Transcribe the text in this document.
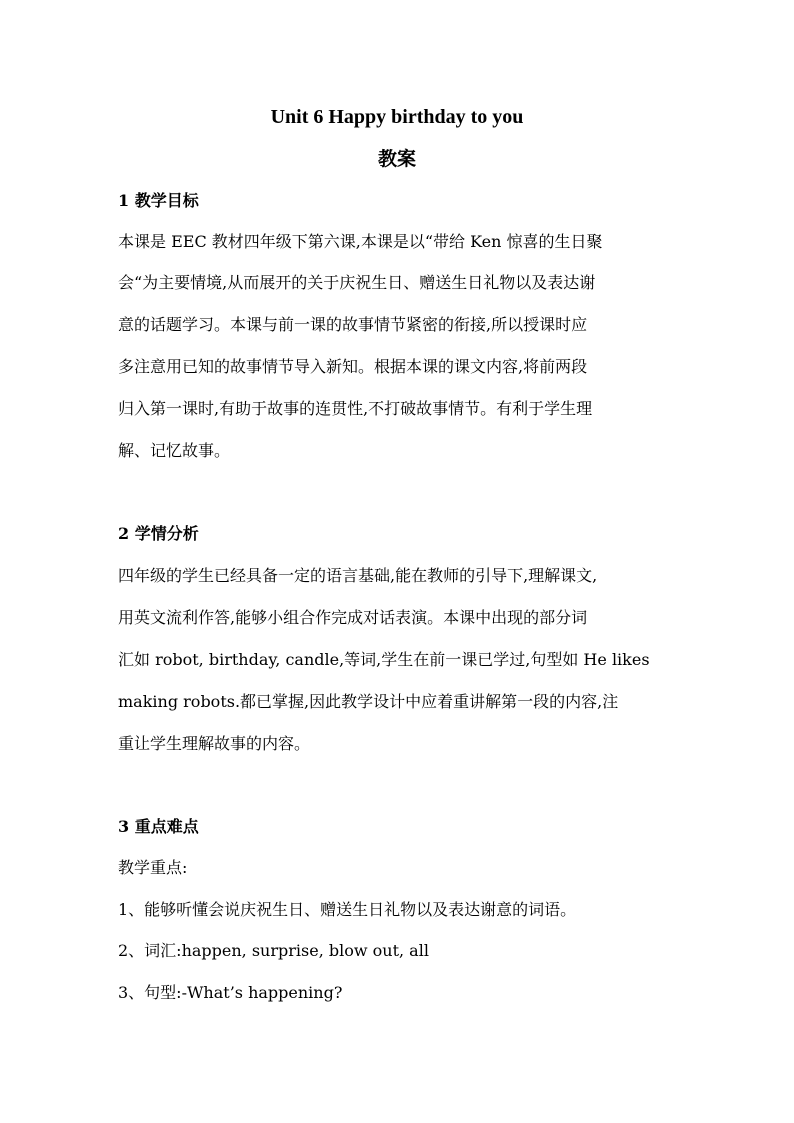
Unit 6 Happy birthday to you
教案
1 教学目标
本课是 EEC 教材四年级下第六课,本课是以“带给 Ken 惊喜的生日聚
会“为主要情境,从而展开的关于庆祝生日、赠送生日礼物以及表达谢
意的话题学习。本课与前一课的故事情节紧密的衔接,所以授课时应
多注意用已知的故事情节导入新知。根据本课的课文内容,将前两段
归入第一课时,有助于故事的连贯性,不打破故事情节。有利于学生理
解、记忆故事。
2 学情分析
四年级的学生已经具备一定的语言基础,能在教师的引导下,理解课文,
用英文流利作答,能够小组合作完成对话表演。本课中出现的部分词
汇如 robot, birthday, candle,等词,学生在前一课已学过,句型如 He likes
making robots.都已掌握,因此教学设计中应着重讲解第一段的内容,注
重让学生理解故事的内容。
3 重点难点
教学重点:
1、能够听懂会说庆祝生日、赠送生日礼物以及表达谢意的词语。
2、词汇:happen, surprise, blow out, all
3、句型:-What’s happening?
